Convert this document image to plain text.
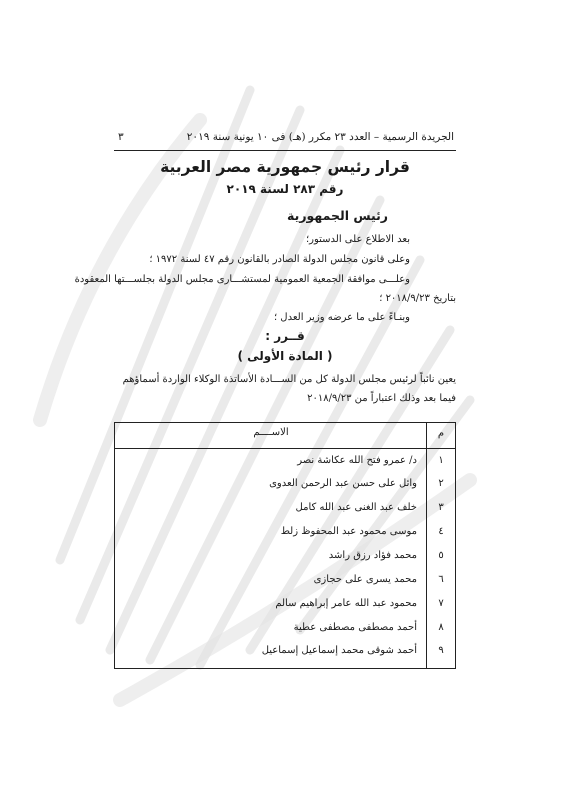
الجريدة الرسمية – العدد ٢٣ مكرر (هـ) فى ١٠ يونية سنة ٢٠١٩
٣
قرار رئيس جمهورية مصر العربية
رقم ٢٨٣ لسنة ٢٠١٩
رئيس الجمهورية
بعد الاطلاع على الدستور؛
وعلى قانون مجلس الدولة الصادر بالقانون رقم ٤٧ لسنة ١٩٧٢ ؛
وعلـــى موافقة الجمعية العمومية لمستشـــارى مجلس الدولة بجلســـتها المعقودة
بتاريخ ٢٠١٨/٩/٢٣ ؛
وبنـاءً على ما عرضه وزير العدل ؛
قــرر :
( المادة الأولى )
يعين نائباً لرئيس مجلس الدولة كل من الســـادة الأساتذة الوكلاء الواردة أسماؤهم
فيما بعد وذلك اعتباراً من ٢٠١٨/٩/٢٣
م
الاســــم
١
د/ عمرو فتح الله عكاشة نصر
٢
وائل على حسن عبد الرحمن العدوى
٣
خلف عبد الغنى عبد الله كامل
٤
موسى محمود عبد المحفوظ زلط
٥
محمد فؤاد رزق راشد
٦
محمد يسرى على حجازى
٧
محمود عبد الله عامر إبراهيم سالم
٨
أحمد مصطفى مصطفى عطية
٩
أحمد شوقى محمد إسماعيل إسماعيل
